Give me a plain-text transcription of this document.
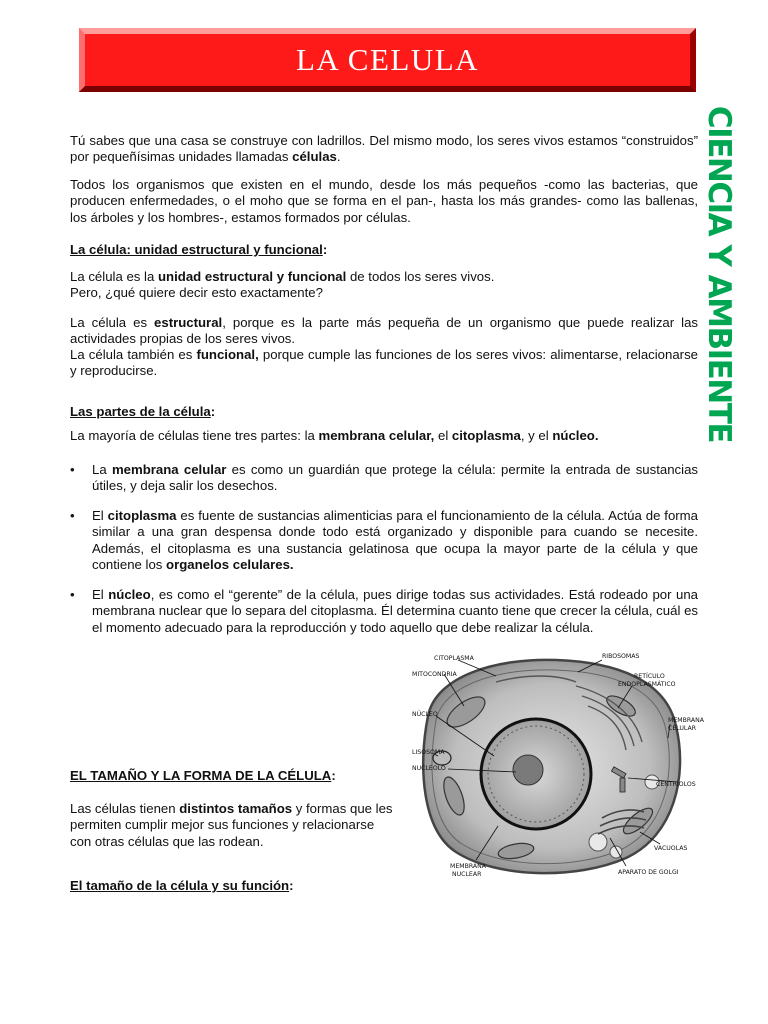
LA CELULA
CIENCIA Y AMBIENTE

Tú sabes que una casa se construye con ladrillos. Del mismo modo, los seres vivos estamos “construidos” por pequeñísimas unidades llamadas células.

Todos los organismos que existen en el mundo, desde los más pequeños -como las bacterias, que producen enfermedades, o el moho que se forma en el pan-, hasta los más grandes- como las ballenas, los árboles y los hombres-, estamos formados por células.

La célula: unidad estructural y funcional:

La célula es la unidad estructural y funcional de todos los seres vivos.
Pero, ¿qué quiere decir esto exactamente?

La célula es estructural, porque es la parte más pequeña de un organismo que puede realizar las actividades propias de los seres vivos.

La célula también es funcional, porque cumple las funciones de los seres vivos: alimentarse, relacionarse y reproducirse.

Las partes de la célula:

La mayoría de células tiene tres partes: la membrana celular, el citoplasma, y el núcleo.

• La membrana celular es como un guardián que protege la célula: permite la entrada de sustancias útiles, y deja salir los desechos.
• El citoplasma es fuente de sustancias alimenticias para el funcionamiento de la célula. Actúa de forma similar a una gran despensa donde todo está organizado y disponible para cuando se necesite. Además, el citoplasma es una sustancia gelatinosa que ocupa la mayor parte de la célula y que contiene los organelos celulares.
• El núcleo, es como el “gerente” de la célula, pues dirige todas sus actividades. Está rodeado por una membrana nuclear que lo separa del citoplasma. Él determina cuanto tiene que crecer la célula, cuál es el momento adecuado para la reproducción y todo aquello que debe realizar la célula.
EL TAMAÑO Y LA FORMA DE LA CÉLULA:

Las células tienen distintos tamaños y formas que les permiten cumplir mejor sus funciones y relacionarse con otras células que las rodean.

El tamaño de la célula y su función:
CITOPLASMA
MITOCONDRIA
NÚCLEO
LISOSOMA
NUCLEOLO
MEMBRANA
NUCLEAR
RIBOSOMAS
RETÍCULO
ENDOPLASMÁTICO
MEMBRANA
CELULAR
CENTRÍOLOS
VACUOLAS
APARATO DE GOLGI
